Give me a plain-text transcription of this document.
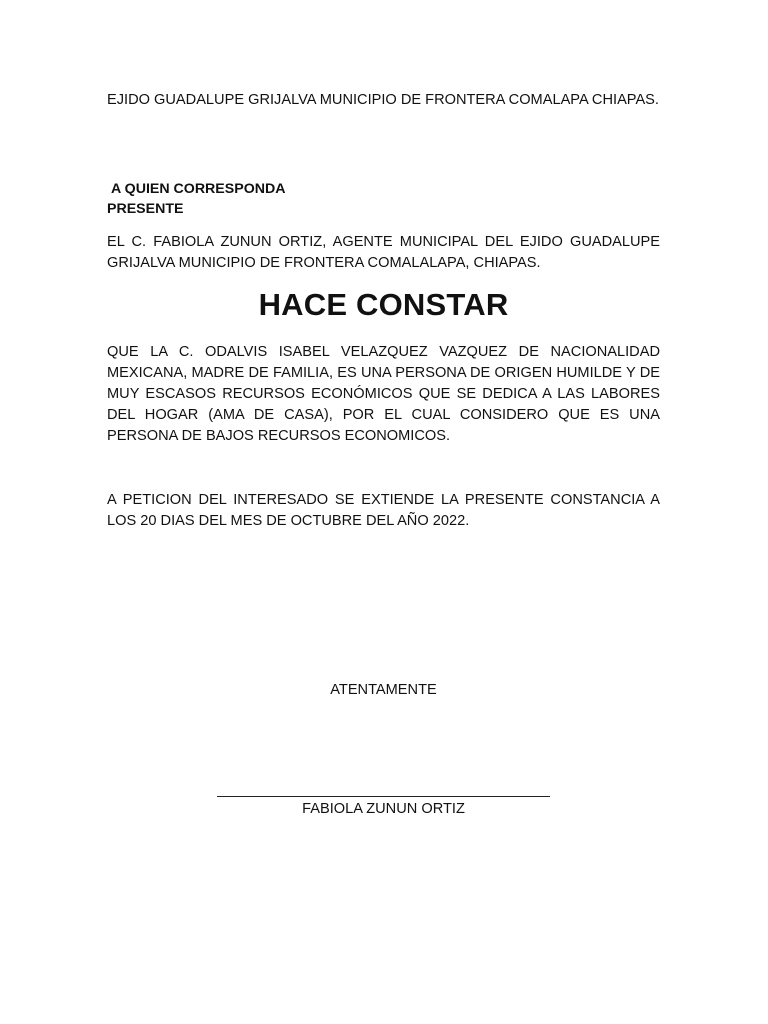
EJIDO GUADALUPE GRIJALVA MUNICIPIO DE FRONTERA COMALAPA CHIAPAS.
A QUIEN CORRESPONDA
PRESENTE
EL C. FABIOLA ZUNUN ORTIZ, AGENTE MUNICIPAL DEL EJIDO GUADALUPE GRIJALVA MUNICIPIO DE FRONTERA COMALALAPA, CHIAPAS.
HACE CONSTAR
QUE LA C. ODALVIS ISABEL VELAZQUEZ VAZQUEZ DE NACIONALIDAD MEXICANA, MADRE DE FAMILIA, ES UNA PERSONA DE ORIGEN HUMILDE Y DE MUY ESCASOS RECURSOS ECONÓMICOS QUE SE DEDICA A LAS LABORES DEL HOGAR (AMA DE CASA), POR EL CUAL CONSIDERO QUE ES UNA PERSONA DE BAJOS RECURSOS ECONOMICOS.
A PETICION DEL INTERESADO SE EXTIENDE LA PRESENTE CONSTANCIA A LOS 20 DIAS DEL MES DE OCTUBRE DEL AÑO 2022.
ATENTAMENTE
FABIOLA ZUNUN ORTIZ
